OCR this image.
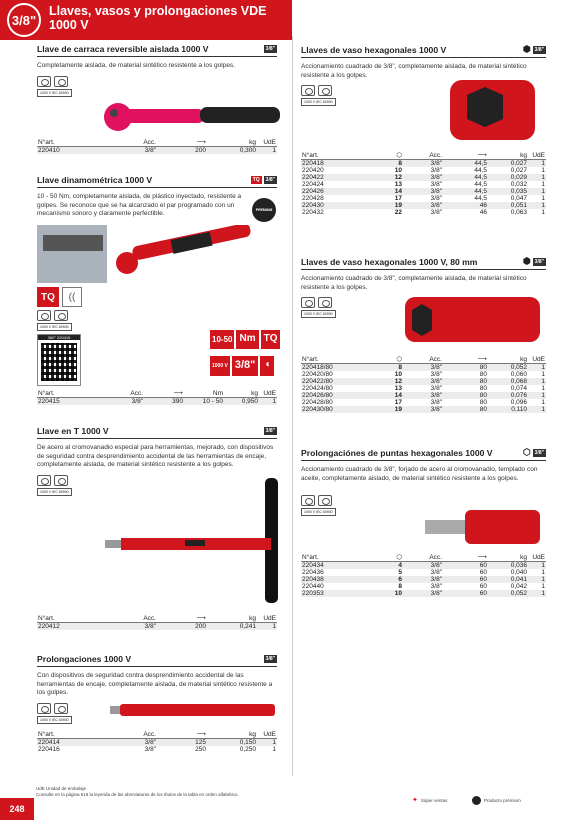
3/8"
Llaves, vasos y prolongaciones VDE 1000 V
Llave de carraca reversible aislada 1000 V	3/8"
Completamente aislada, de material sintético resistente a los golpes.
1000 V IEC 60900
N°art.	Acc.	⟶	kg	UdE
220410	3/8"	200	0,300	1
Llave dinamométrica 1000 V	TQ	3/8"
10 - 50 Nm, completamente aislada, de plástico inyectado, resistente a golpes. Se reconoce que se ha alcanzado el par programado con un mecanismo sonoro y claramente perfectible.	PREMIUM
TQ	((
1000 V IEC 60900
360° 220415	10-50 Nm TQ
1000 V 3/8" ◖
N°art.	Acc.	⟶	Nm	kg	UdE
220415	3/8"	390	10 - 50	0,950	1
Llave en T 1000 V	3/8"
De acero al cromovanadio especial para herramientas, mejorado, con dispositivos de seguridad contra desprendimiento accidental de las herramientas de encaje, completamente aislada, de material sintético resistente a los golpes.
1000 V IEC 60900
N°art.	Acc.	⟶	kg	UdE
220412	3/8"	200	0,241	1
Prolongaciones 1000 V	3/8"
Con dispositivos de seguridad contra desprendimiento accidental de las herramientas de encaje, completamente aislada, de material sintético resistente a los golpes.
1000 V IEC 60900
N°art.	Acc.	⟶	kg	UdE
220414	3/8"	125	0,150	1
220416	3/8"	250	0,250	1
Llaves de vaso hexagonales 1000 V	⬢ 3/8"
Accionamiento cuadrado de 3/8", completamente aislada, de material sintético resistente a los golpes.
1000 V IEC 60900
N°art.	⬡	Acc.	⟶	kg	UdE
220418	8	3/8"	44,5	0,027	1
220420	10	3/8"	44,5	0,027	1
220422	12	3/8"	44,5	0,029	1
220424	13	3/8"	44,5	0,032	1
220426	14	3/8"	44,5	0,035	1
220428	17	3/8"	44,5	0,047	1
220430	19	3/8"	46	0,051	1
220432	22	3/8"	46	0,063	1
Llaves de vaso hexagonales 1000 V, 80 mm	⬢ 3/8"
Accionamiento cuadrado de 3/8", completamente aislada, de material sintético resistente a los golpes.
1000 V IEC 60900
N°art.	⬡	Acc.	⟶	kg	UdE
220418/80	8	3/8"	80	0,052	1
220420/80	10	3/8"	80	0,060	1
220422/80	12	3/8"	80	0,068	1
220424/80	13	3/8"	80	0,074	1
220426/80	14	3/8"	80	0,076	1
220428/80	17	3/8"	80	0,096	1
220430/80	19	3/8"	80	0,110	1
Prolongaciónes de puntas hexagonales 1000 V	⬡ 3/8"
Accionamiento cuadrado de 3/8", forjado de acero al cromovanadio, templado con aceite, completamente aislado, de material sintético resistente a los golpes.
1000 V IEC 60900
N°art.	⬡	Acc.	⟶	kg	UdE
220434	4	3/8"	60	0,036	1
220436	5	3/8"	60	0,040	1
220438	6	3/8"	60	0,041	1
220440	8	3/8"	60	0,042	1
220353	10	3/8"	60	0,052	1
248
UdE Unidad de embalaje
Consulte en la página 618 la leyenda de las abreviaturas de los títulos de la tabla en orden alfabético.
✦ Súper ventas	Producto prémium
